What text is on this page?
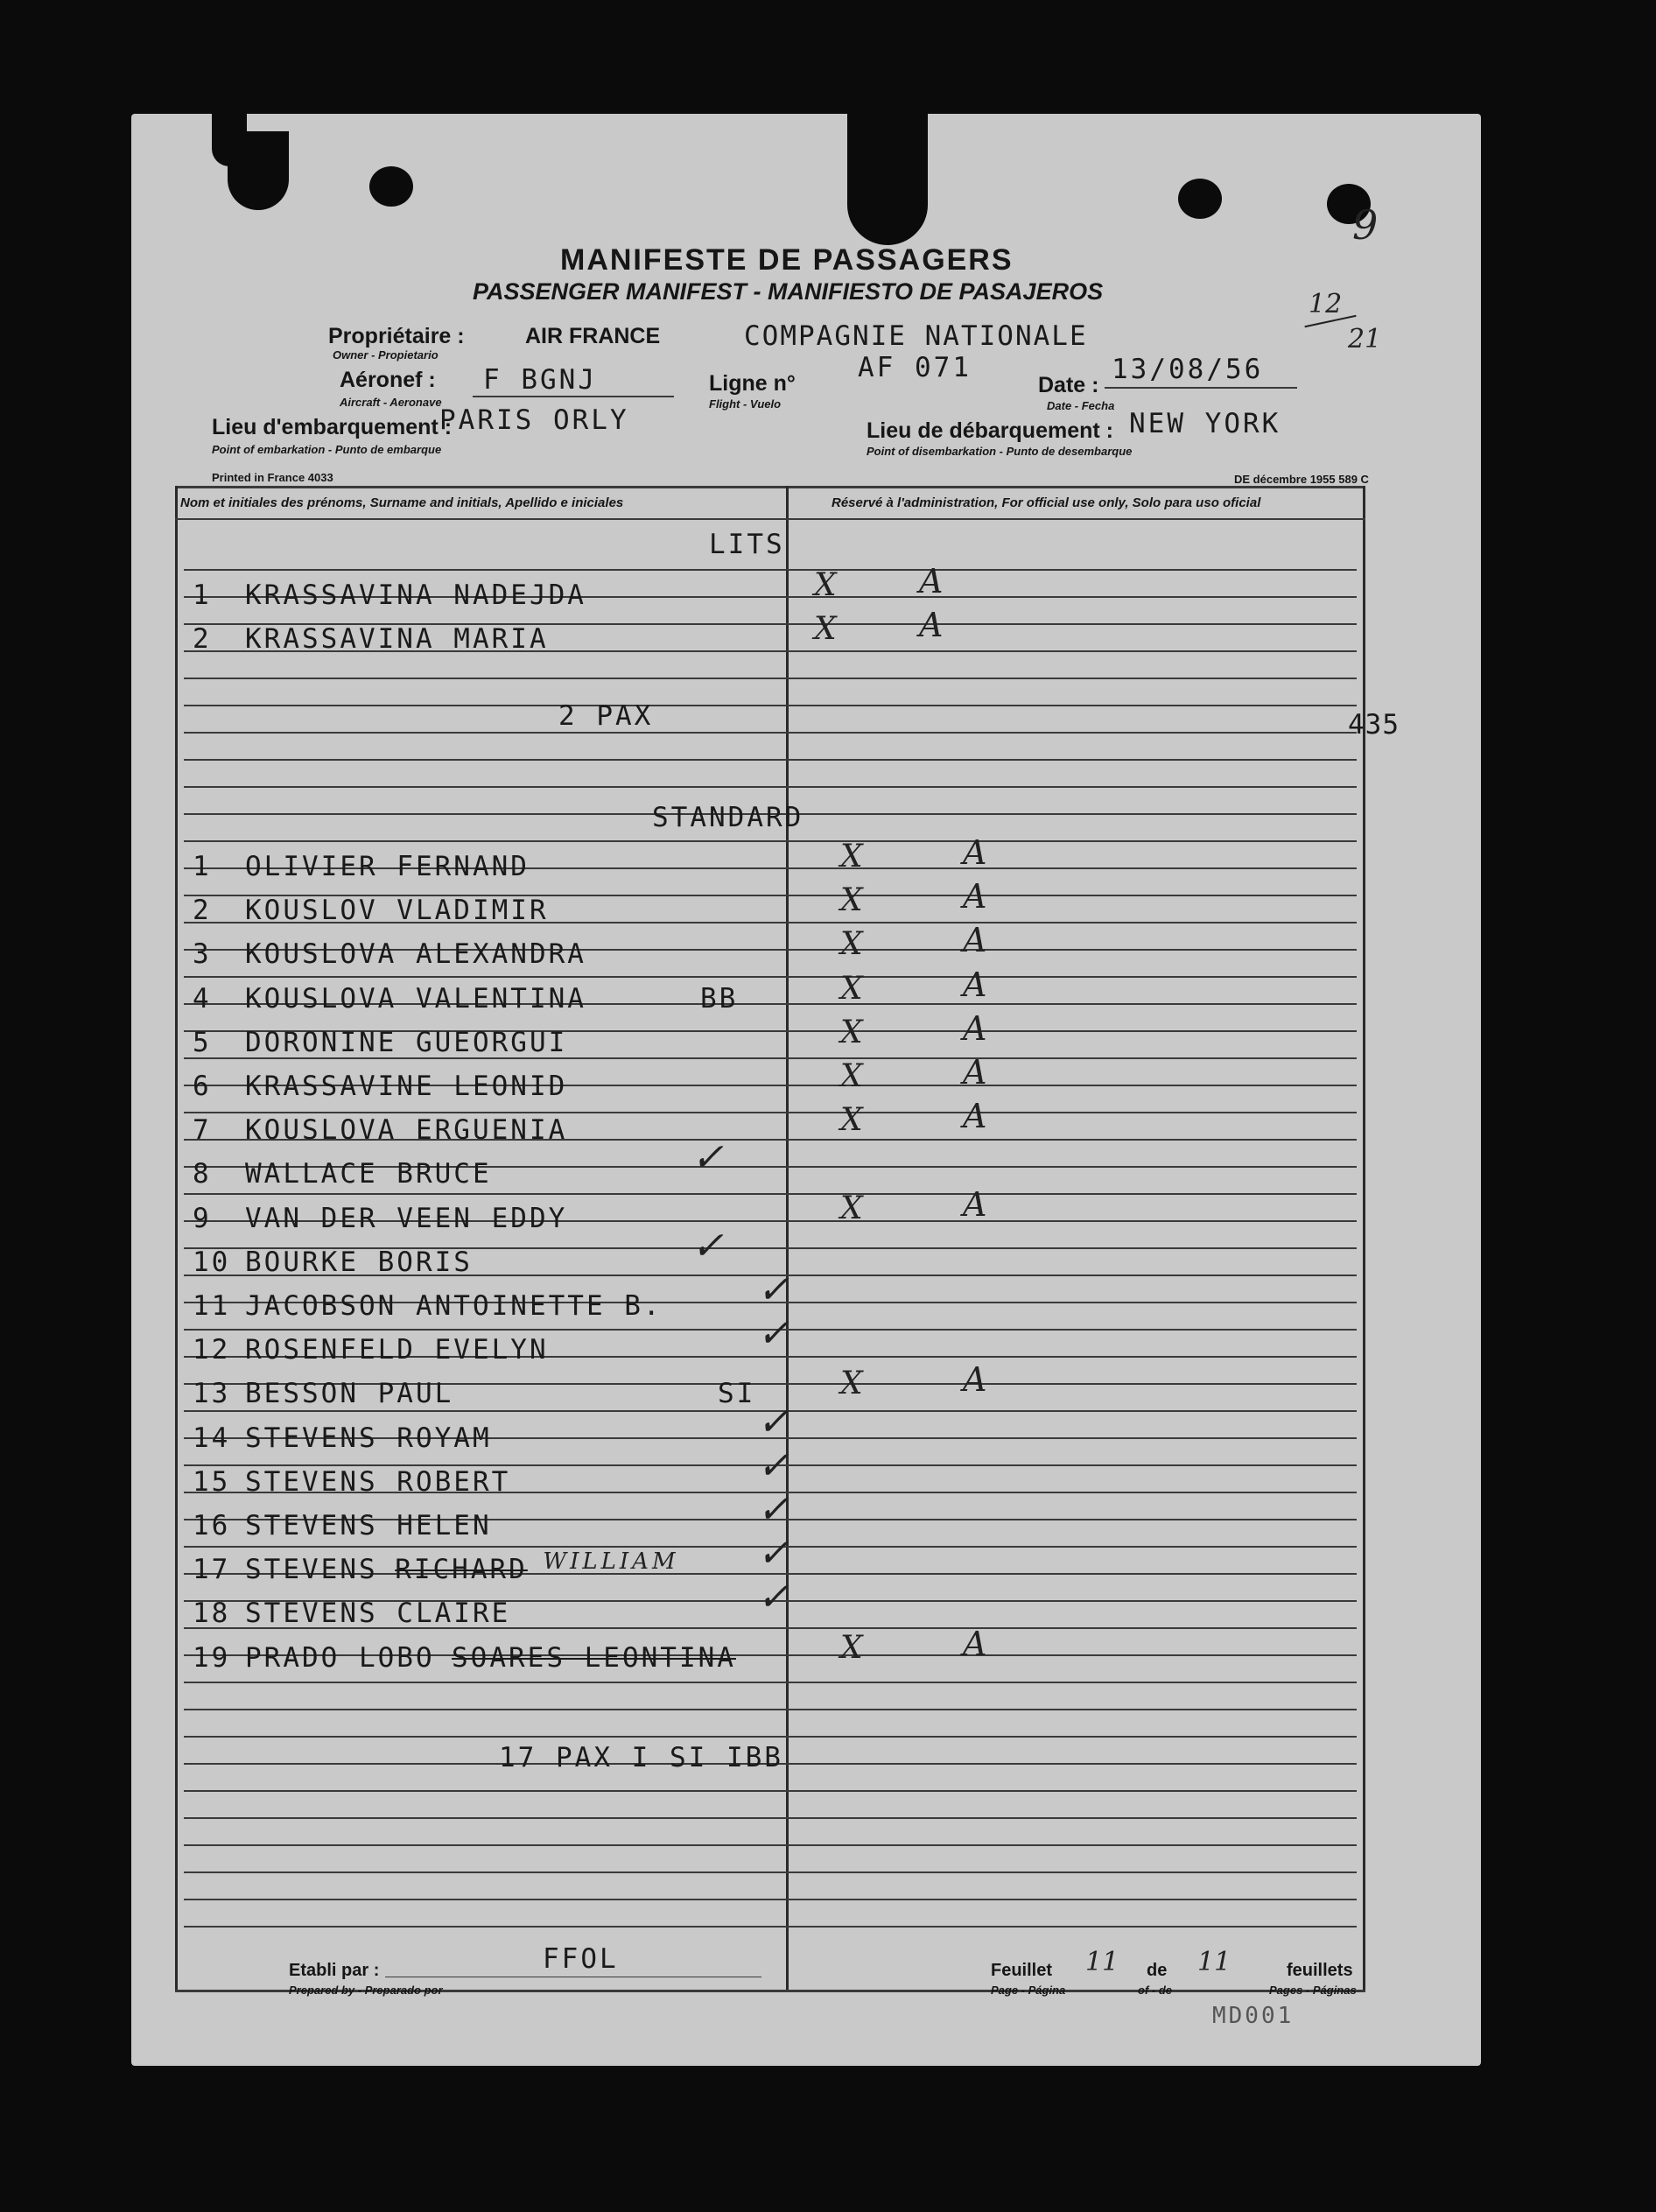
9
12
21
MANIFESTE DE PASSAGERS
PASSENGER MANIFEST - MANIFIESTO DE PASAJEROS
Propriétaire :
Owner - Propietario
AIR FRANCE	COMPAGNIE NATIONALE
Aéronef :
Aircraft - Aeronave
F BGNJ	Ligne n°
Flight - Vuelo
AF 071
Date :
Date - Fecha
13/08/56
Lieu d'embarquement :
Point of embarkation - Punto de embarque
PARIS ORLY	Lieu de débarquement :
Point of disembarkation - Punto de desembarque
NEW YORK
Printed in France 4033	DE décembre 1955 589 C
Nom et initiales des prénoms, Surname and initials, Apellido e iniciales	Réservé à l'administration, For official use only, Solo para uso oficial
LITS
1 KRASSAVINA NADEJDA	X A
2 KRASSAVINA MARIA	X A
2 PAX	435
STANDARD
1 OLIVIER FERNAND	X	A
2 KOUSLOV VLADIMIR	X	A
3 KOUSLOVA ALEXANDRA	X	A
4 KOUSLOVA VALENTINA	BB	X	A
5 DORONINE GUEORGUI	X	A
6 KRASSAVINE LEONID	X	A
7 KOUSLOVA ERGUENIA	X	A
8 WALLACE BRUCE	✓
9 VAN DER VEEN EDDY	X	A
10 BOURKE BORIS	✓
11 JACOBSON ANTOINETTE B. ✓
12 ROSENFELD EVELYN	✓
13 BESSON PAUL	SI	X	A
14 STEVENS ROYAM	✓
15 STEVENS ROBERT	✓
16 STEVENS HELEN	✓
17 STEVENS RICHARD WILLIAM ✓
18 STEVENS CLAIRE	✓
19 PRADO LOBO SOARES LEONTINA	X	A
17 PAX I SI IBB
Etabli par :
Prepared by - Preparado por
FFOL	Feuillet
Page - Página
11 de
of - de
11	feuillets
Pages - Páginas
MD001
